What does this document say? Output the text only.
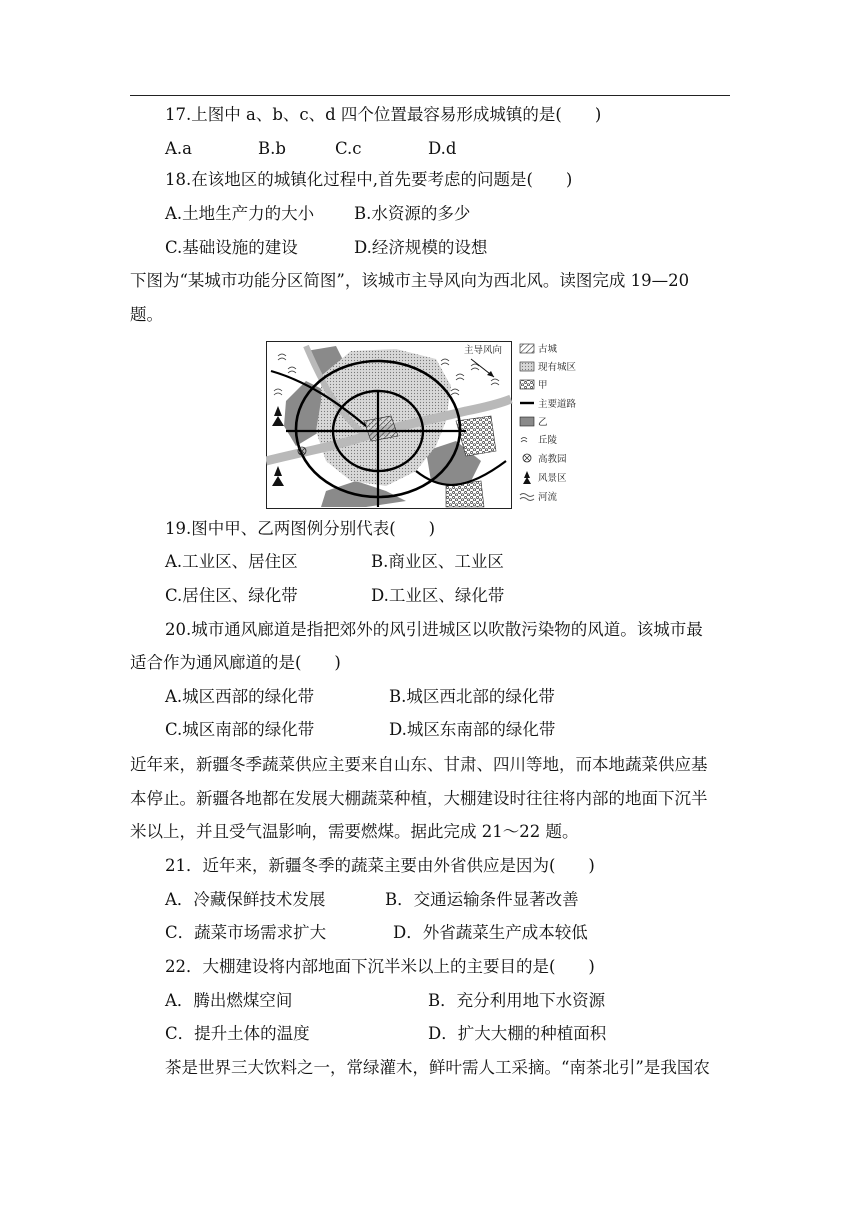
17.上图中 a、b、c、d 四个位置最容易形成城镇的是(　　)
A.a	B.b	C.c	D.d
18.在该地区的城镇化过程中,首先要考虑的问题是(　　)
A.土地生产力的大小 B.水资源的多少
C.基础设施的建设	D.经济规模的设想
下图为“某城市功能分区简图”，该城市主导风向为西北风。读图完成 19—20
题。
主导风向	古城
现有城区
甲
主要道路
乙
丘陵
高教园
风景区
河流
19.图中甲、乙两图例分别代表(　　)
A.工业区、居住区	B.商业区、工业区
C.居住区、绿化带	D.工业区、绿化带
20.城市通风廊道是指把郊外的风引进城区以吹散污染物的风道。该城市最
适合作为通风廊道的是(　　)
A.城区西部的绿化带	B.城区西北部的绿化带
C.城区南部的绿化带	D.城区东南部的绿化带
近年来，新疆冬季蔬菜供应主要来自山东、甘肃、四川等地，而本地蔬菜供应基
本停止。新疆各地都在发展大棚蔬菜种植，大棚建设时往往将内部的地面下沉半
米以上，并且受气温影响，需要燃煤。据此完成 21～22 题。
21．近年来，新疆冬季的蔬菜主要由外省供应是因为(　　)
A．冷藏保鲜技术发展	B．交通运输条件显著改善
C．蔬菜市场需求扩大	D．外省蔬菜生产成本较低
22．大棚建设将内部地面下沉半米以上的主要目的是(　　)
A．腾出燃煤空间	B．充分利用地下水资源
C．提升土体的温度	D．扩大大棚的种植面积
茶是世界三大饮料之一，常绿灌木，鲜叶需人工采摘。“南茶北引”是我国农
